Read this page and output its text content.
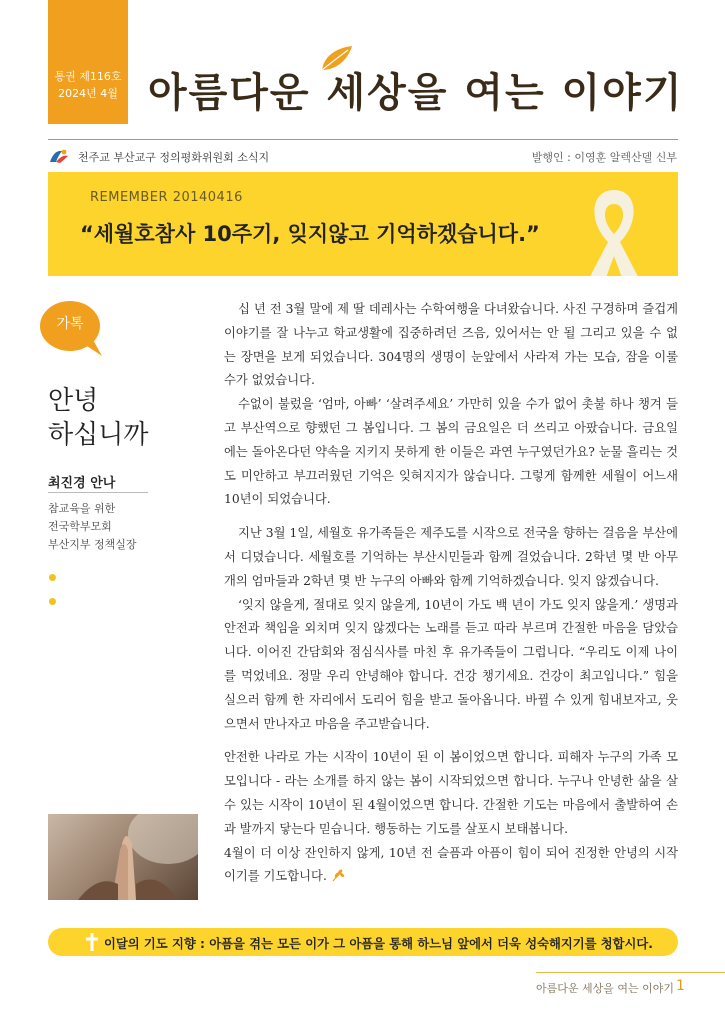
통권 제116호
2024년 4월 아름다운 세상을 여는 이야기
천주교 부산교구 정의평화위원회 소식지	발행인 : 이영훈 알렉산델 신부
REMEMBER 20140416
“세월호참사 10주기, 잊지않고 기억하겠습니다.”
가톡
안녕
하십니까
최진경 안나
참교육을 위한
전국학부모회
부산지부 정책실장

십 년 전 3월 말에 제 딸 데레사는 수학여행을 다녀왔습니다. 사진 구경하며 즐겁게 이야기를 잘 나누고 학교생활에 집중하려던 즈음, 있어서는 안 될 그리고 있을 수 없는 장면을 보게 되었습니다. 304명의 생명이 눈앞에서 사라져 가는 모습, 잠을 이룰 수가 없었습니다.

수없이 불렀을 ‘엄마, 아빠’ ‘살려주세요’ 가만히 있을 수가 없어 촛불 하나 챙겨 들고 부산역으로 향했던 그 봄입니다. 그 봄의 금요일은 더 쓰리고 아팠습니다. 금요일에는 돌아온다던 약속을 지키지 못하게 한 이들은 과연 누구였던가요? 눈물 흘리는 것도 미안하고 부끄러웠던 기억은 잊혀지지가 않습니다. 그렇게 함께한 세월이 어느새 10년이 되었습니다.

지난 3월 1일, 세월호 유가족들은 제주도를 시작으로 전국을 향하는 걸음을 부산에서 디뎠습니다. 세월호를 기억하는 부산시민들과 함께 걸었습니다. 2학년 몇 반 아무개의 엄마들과 2학년 몇 반 누구의 아빠와 함께 기억하겠습니다. 잊지 않겠습니다.

‘잊지 않을게, 절대로 잊지 않을게, 10년이 가도 백 년이 가도 잊지 않을게.’ 생명과 안전과 책임을 외치며 잊지 않겠다는 노래를 듣고 따라 부르며 간절한 마음을 담았습니다. 이어진 간담회와 점심식사를 마친 후 유가족들이 그럽니다. “우리도 이제 나이를 먹었네요. 정말 우리 안녕해야 합니다. 건강 챙기세요. 건강이 최고입니다.” 힘을 실으러 함께 한 자리에서 도리어 힘을 받고 돌아옵니다. 바뀔 수 있게 힘내보자고, 웃으면서 만나자고 마음을 주고받습니다.

안전한 나라로 가는 시작이 10년이 된 이 봄이었으면 합니다. 피해자 누구의 가족 모모입니다 - 라는 소개를 하지 않는 봄이 시작되었으면 합니다. 누구나 안녕한 삶을 살 수 있는 시작이 10년이 된 4월이었으면 합니다. 간절한 기도는 마음에서 출발하여 손과 발까지 닿는다 믿습니다. 행동하는 기도를 살포시 보태봅니다.

4월이 더 이상 잔인하지 않게, 10년 전 슬픔과 아픔이 힘이 되어 진정한 안녕의 시작이기를 기도합니다.

이달의 기도 지향 : 아픔을 겪는 모든 이가 그 아픔을 통해 하느님 앞에서 더욱 성숙해지기를 청합시다.
아름다운 세상을 여는 이야기 1
